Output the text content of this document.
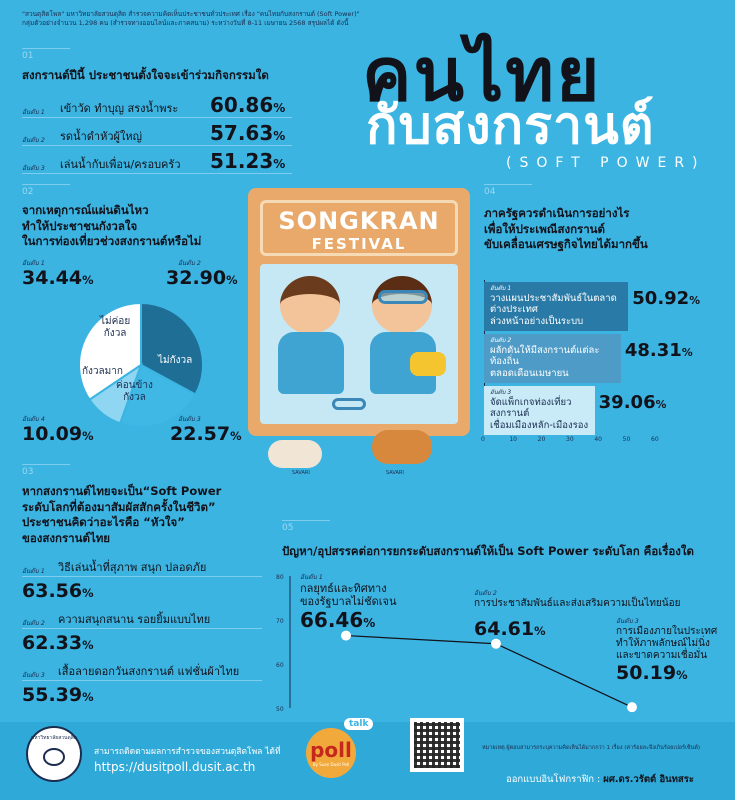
"สวนดุสิตโพล" มหาวิทยาลัยสวนดุสิต สำรวจความคิดเห็นประชาชนทั่วประเทศ เรื่อง "คนไทยกับสงกรานต์ (Soft Power)"
กลุ่มตัวอย่างจำนวน 1,298 คน (สำรวจทางออนไลน์และภาคสนาม) ระหว่างวันที่ 8-11 เมษายน 2568 สรุปผลได้ ดังนี้
คนไทย
กับสงกรานต์
(SOFT POWER)
01
สงกรานต์ปีนี้ ประชาชนตั้งใจจะเข้าร่วมกิจกรรมใด
อันดับ 1	เข้าวัด ทำบุญ สรงน้ำพระ	60.86%
อันดับ 2	รดน้ำดำหัวผู้ใหญ่	57.63%
อันดับ 3	เล่นน้ำกับเพื่อน/ครอบครัว	51.23%
02
จากเหตุการณ์แผ่นดินไหว
ทำให้ประชาชนกังวลใจ
ในการท่องเที่ยวช่วงสงกรานต์หรือไม่
อันดับ 1
34.44%
อันดับ 2
32.90%
อันดับ 4
10.09%
อันดับ 3
22.57%
ไม่ค่อย
กังวล
ไม่กังวล
ค่อนข้าง
กังวล
กังวลมาก
SONGKRAN
FESTIVAL
SAVARI	SAVARI
03
หากสงกรานต์ไทยจะเป็น“Soft Power
ระดับโลกที่ต้องมาสัมผัสสักครั้งในชีวิต”
ประชาชนคิดว่าอะไรคือ “หัวใจ”
ของสงกรานต์ไทย
อันดับ 1	วิธีเล่นน้ำที่สุภาพ สนุก ปลอดภัย
63.56%
อันดับ 2	ความสนุกสนาน รอยยิ้มแบบไทย
62.33%
อันดับ 3	เสื้อลายดอกวันสงกรานต์ แฟชั่นผ้าไทย
55.39%
04
ภาครัฐควรดำเนินการอย่างไร
เพื่อให้ประเพณีสงกรานต์
ขับเคลื่อนเศรษฐกิจไทยได้มากขึ้น
อันดับ 1
วางแผนประชาสัมพันธ์ในตลาดต่างประเทศ
ล่วงหน้าอย่างเป็นระบบ
50.92%
อันดับ 2
ผลักดันให้มีสงกรานต์แต่ละท้องถิ่น
ตลอดเดือนเมษายน
48.31%
อันดับ 3
จัดแพ็กเกจท่องเที่ยวสงกรานต์
เชื่อมเมืองหลัก-เมืองรอง
39.06%
0	10	20	30	40	50	60
05
ปัญหา/อุปสรรคต่อการยกระดับสงกรานต์ให้เป็น Soft Power ระดับโลก คือเรื่องใด
80
70
60
50
อันดับ 1
กลยุทธ์และทิศทาง
ของรัฐบาลไม่ชัดเจน
66.46%
อันดับ 2
การประชาสัมพันธ์และส่งเสริมความเป็นไทยน้อย
64.61%
อันดับ 3
การเมืองภายในประเทศ
ทำให้ภาพลักษณ์ไม่นิ่ง
และขาดความเชื่อมั่น
50.19%
มหาวิทยาลัยสวนดุสิต
สามารถติดตามผลการสำรวจของสวนดุสิตโพล ได้ที่
https://dusitpoll.dusit.ac.th
poll
By Suan Dusit Poll
talk
หมายเหตุ ผู้ตอบสามารถระบุความคิดเห็นได้มากกว่า 1 เรื่อง (ค่าร้อยละจึงเกินร้อยเปอร์เซ็นต์)
ออกแบบอินโฟกราฟิก : ผศ.ดร.วรัตต์ อินทสระ
